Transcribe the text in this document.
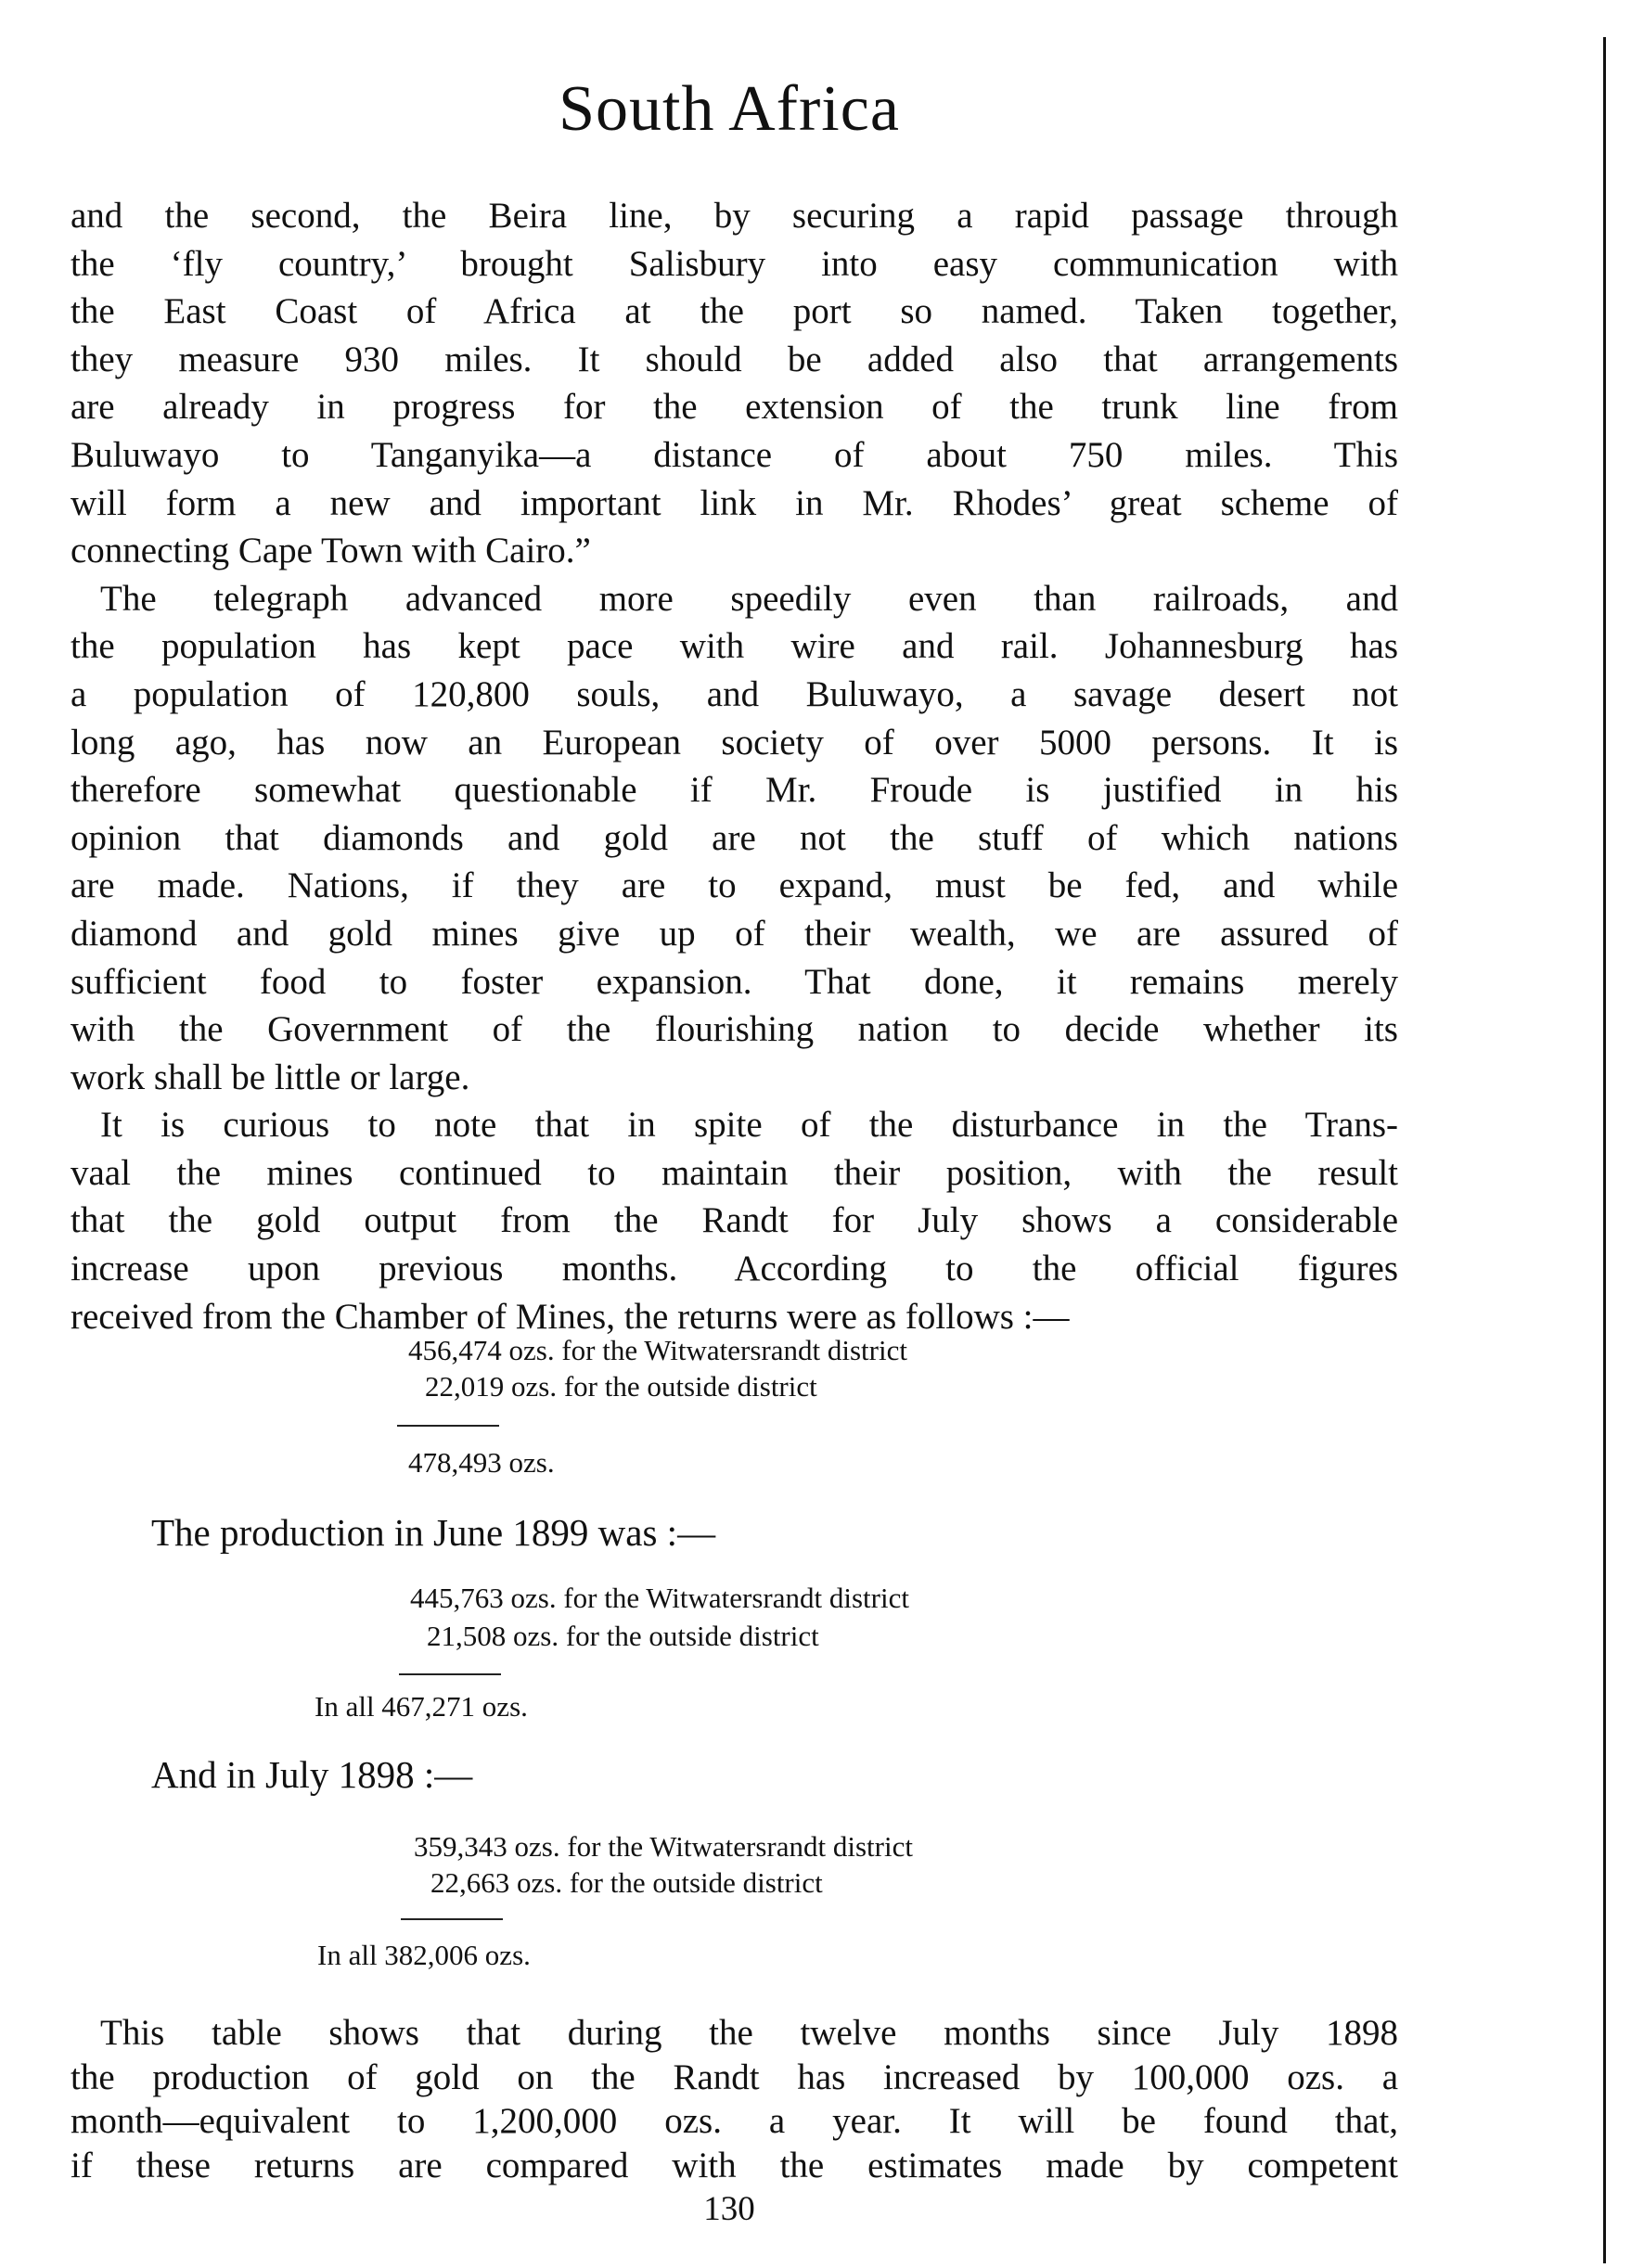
South Africa
and the second, the Beira line, by securing a rapid passage through
the ‘fly country,’ brought Salisbury into easy communication with
the East Coast of Africa at the port so named. Taken together,
they measure 930 miles. It should be added also that arrangements
are already in progress for the extension of the trunk line from
Buluwayo to Tanganyika—a distance of about 750 miles. This
will form a new and important link in Mr. Rhodes’ great scheme of
connecting Cape Town with Cairo.”
The telegraph advanced more speedily even than railroads, and
the population has kept pace with wire and rail. Johannesburg has
a population of 120,800 souls, and Buluwayo, a savage desert not
long ago, has now an European society of over 5000 persons. It is
therefore somewhat questionable if Mr. Froude is justified in his
opinion that diamonds and gold are not the stuff of which nations
are made. Nations, if they are to expand, must be fed, and while
diamond and gold mines give up of their wealth, we are assured of
sufficient food to foster expansion. That done, it remains merely
with the Government of the flourishing nation to decide whether its
work shall be little or large.
It is curious to note that in spite of the disturbance in the Trans-
vaal the mines continued to maintain their position, with the result
that the gold output from the Randt for July shows a considerable
increase upon previous months. According to the official figures
received from the Chamber of Mines, the returns were as follows :—
456,474 ozs. for the Witwatersrandt district
22,019 ozs. for the outside district
478,493 ozs.
The production in June 1899 was :—
445,763 ozs. for the Witwatersrandt district
21,508 ozs. for the outside district
In all 467,271 ozs.
And in July 1898 :—
359,343 ozs. for the Witwatersrandt district
22,663 ozs. for the outside district
In all 382,006 ozs.
This table shows that during the twelve months since July 1898
the production of gold on the Randt has increased by 100,000 ozs. a
month—equivalent to 1,200,000 ozs. a year. It will be found that,
if these returns are compared with the estimates made by competent
130
